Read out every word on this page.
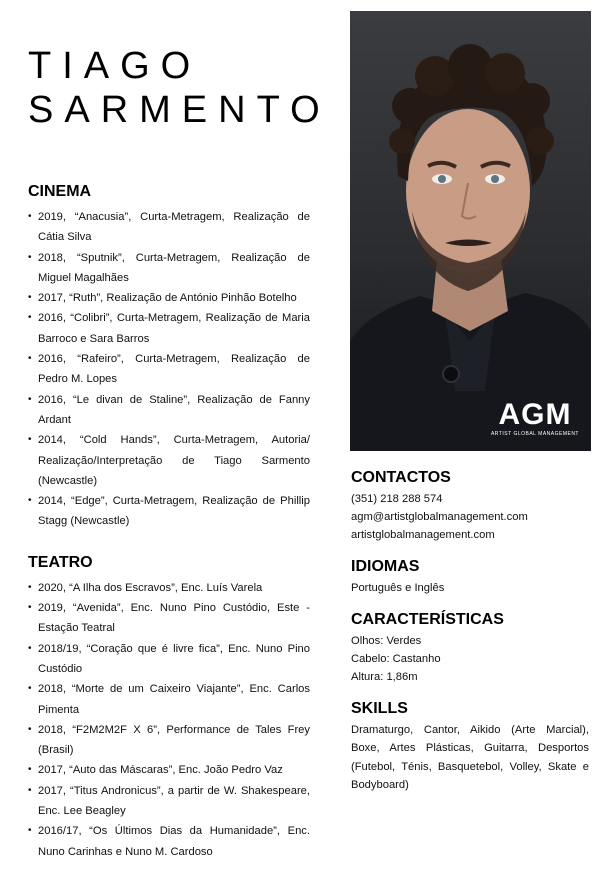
TIAGO
SARMENTO
CINEMA
• 2019, “Anacusia”, Curta-Metragem, Realização de Cátia Silva
• 2018, “Sputnik”, Curta-Metragem, Realização de Miguel Magalhães
• 2017, “Ruth”, Realização de António Pinhão Botelho
• 2016, “Colibri”, Curta-Metragem, Realização de Maria Barroco e Sara Barros
• 2016, “Rafeiro”, Curta-Metragem, Realização de Pedro M. Lopes
• 2016, “Le divan de Staline”, Realização de Fanny Ardant
• 2014, “Cold Hands”, Curta-Metragem, Autoria/ Realização/Interpretação de Tiago Sarmento (Newcastle)
• 2014, “Edge”, Curta-Metragem, Realização de Phillip Stagg (Newcastle)
TEATRO
• 2020, “A Ilha dos Escravos”, Enc. Luís Varela
• 2019, “Avenida”, Enc. Nuno Pino Custódio, Este - Estação Teatral
• 2018/19, “Coração que é livre fica”, Enc. Nuno Pino Custódio
• 2018, “Morte de um Caixeiro Viajante”, Enc. Carlos Pimenta
• 2018, “F2M2M2F X 6”, Performance de Tales Frey (Brasil)
• 2017, “Auto das Máscaras”, Enc. João Pedro Vaz
• 2017, “Titus Andronicus”, a partir de W. Shakespeare, Enc. Lee Beagley
• 2016/17, “Os Últimos Dias da Humanidade”, Enc. Nuno Carinhas e Nuno M. Cardoso
AGM
ARTIST GLOBAL MANAGEMENT
CONTACTOS
(351) 218 288 574
agm@artistglobalmanagement.com
artistglobalmanagement.com
IDIOMAS
Português e Inglês
CARACTERÍSTICAS
Olhos: Verdes
Cabelo: Castanho
Altura: 1,86m
SKILLS

Dramaturgo, Cantor, Aikido (Arte Marcial), Boxe, Artes Plásticas, Guitarra, Desportos (Futebol, Ténis, Basquetebol, Volley, Skate e Bodyboard)
